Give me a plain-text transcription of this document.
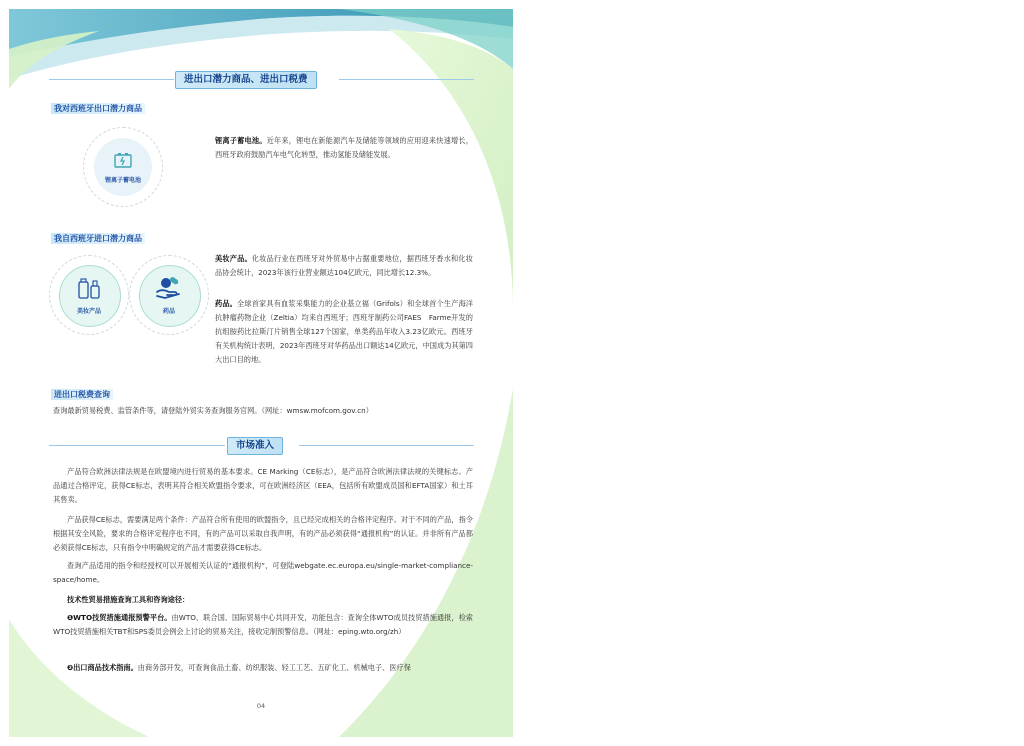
进出口潜力商品、进出口税费
我对西班牙出口潜力商品
锂离子蓄电池
锂离子蓄电池。近年来，锂电在新能源汽车及储能等领域的应用迎来快速增长，西班牙政府鼓励汽车电气化转型，推动氢能及储能发展。
我自西班牙进口潜力商品
美妆产品	药品
美妆产品。化妆品行业在西班牙对外贸易中占据重要地位，据西班牙香水和化妆品协会统计，2023年该行业营业额达104亿欧元，同比增长12.3%。
药品。全球首家具有血浆采集能力的企业基立福（Grifols）和全球首个生产海洋抗肿瘤药物企业（Zeltia）均来自西班牙；西班牙制药公司FAES　Farme开发的抗组胺药比拉斯汀片销售全球127个国家，单类药品年收入3.23亿欧元。西班牙有关机构统计表明，2023年西班牙对华药品出口额达14亿欧元，中国成为其第四大出口目的地。
进出口税费查询
查询最新贸易税费、监管条件等，请登陆外贸实务查询服务官网。（网址：wmsw.mofcom.gov.cn）
市场准入
产品符合欧洲法律法规是在欧盟境内进行贸易的基本要求。CE Marking（CE标志），是产品符合欧洲法律法规的关键标志。产品通过合格评定，获得CE标志，表明其符合相关欧盟指令要求，可在欧洲经济区（EEA，包括所有欧盟成员国和EFTA国家）和土耳其售卖。
产品获得CE标志，需要满足两个条件：产品符合所有使用的欧盟指令，且已经完成相关的合格评定程序。对于不同的产品，指令根据其安全风险，要求的合格评定程序也不同，有的产品可以采取自我声明，有的产品必须获得“通报机构”的认证。并非所有产品都必须获得CE标志，只有指令中明确规定的产品才需要获得CE标志。
查询产品适用的指令和经授权可以开展相关认证的“通报机构”，可登陆webgate.ec.europa.eu/single-market-compliance-space/home。
技术性贸易措施查询工具和咨询途径：
❶WTO技贸措施通报预警平台。由WTO、联合国、国际贸易中心共同开发，功能包含：查询全体WTO成员技贸措施通报，检索WTO技贸措施相关TBT和SPS委员会例会上讨论的贸易关注，接收定制预警信息。（网址：eping.wto.org/zh）
❷出口商品技术指南。由商务部开发，可查询食品土畜、纺织服装、轻工工艺、五矿化工、机械电子、医疗保
04
